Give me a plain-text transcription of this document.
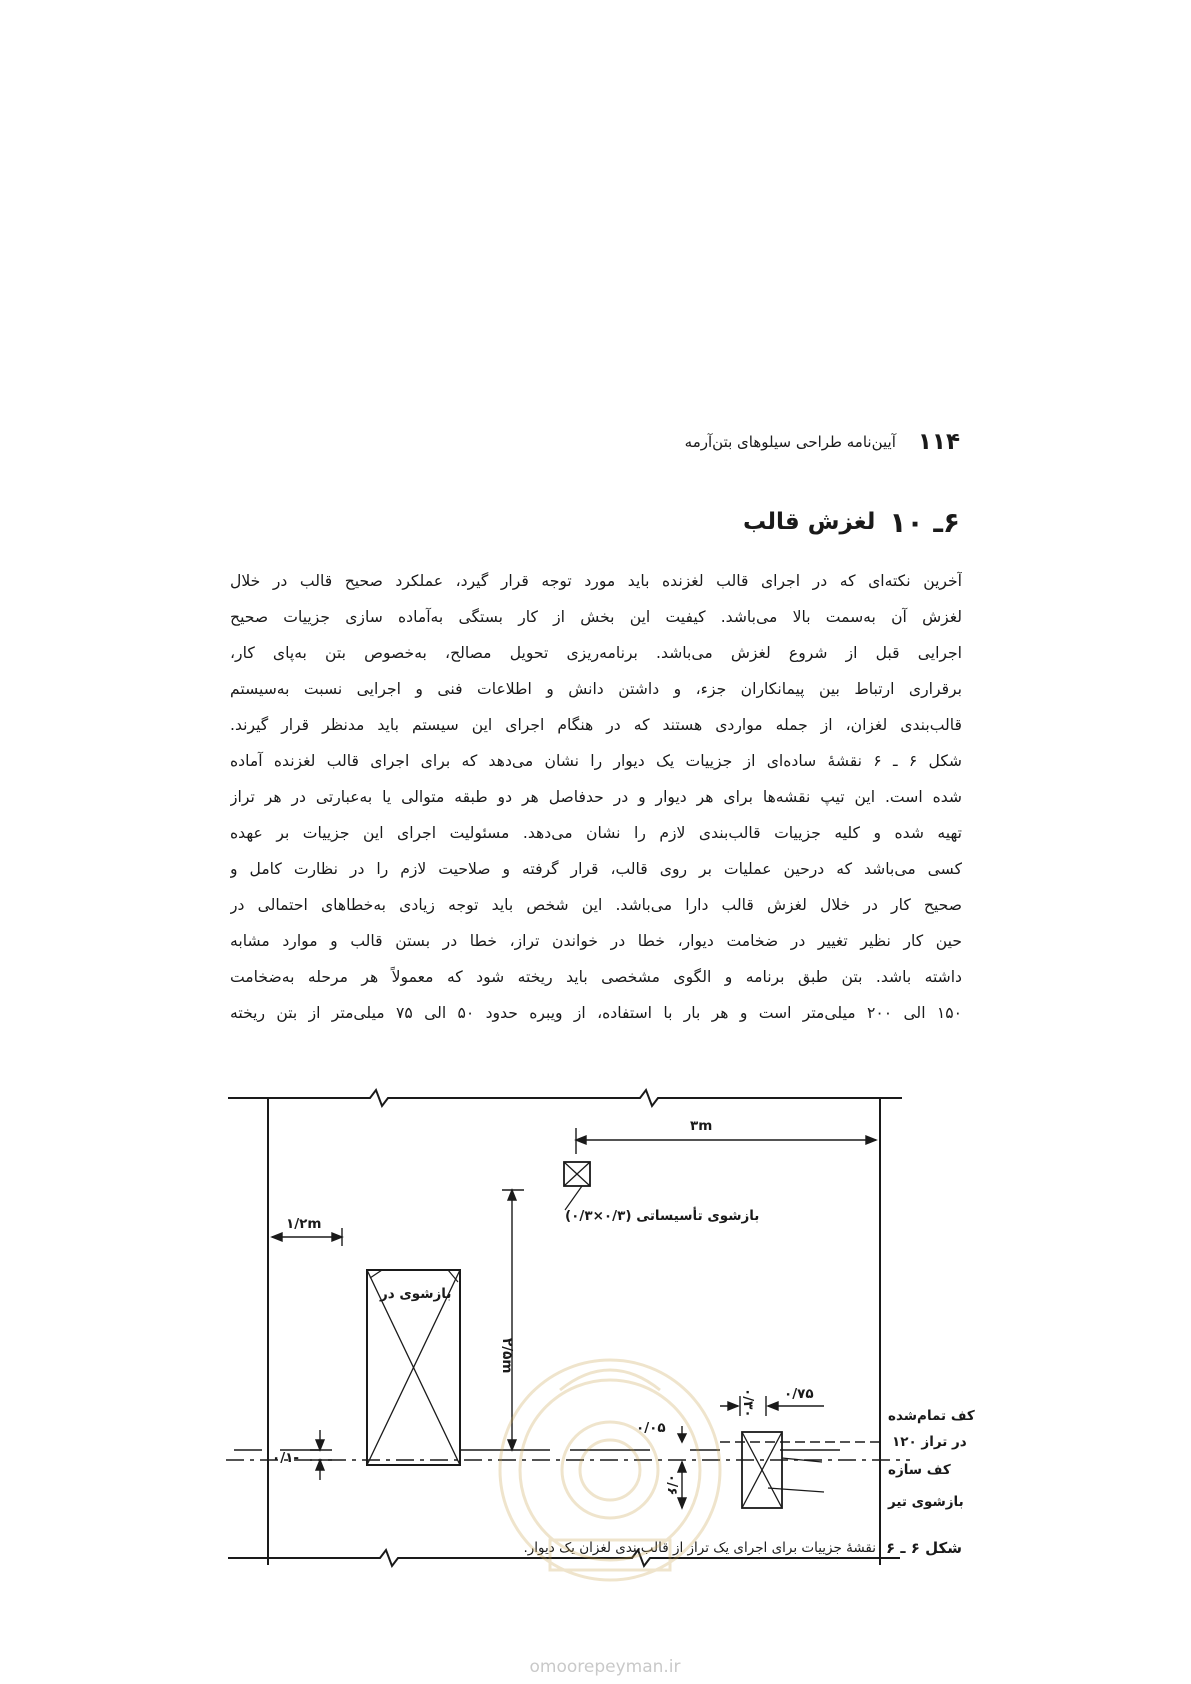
۱۱۴
آیین‌نامه طراحی سیلوهای بتن‌آرمه
۶ـ ۱۰
لغزش قالب
آخرین نکته‌ای که در اجرای قالب لغزنده باید مورد توجه قرار گیرد، عملکرد صحیح قالب در خلال
لغزش آن به‌سمت بالا می‌باشد. کیفیت این بخش از کار بستگی به‌آماده سازی جزییات صحیح
اجرایی قبل از شروع لغزش می‌باشد. برنامه‌ریزی تحویل مصالح، به‌خصوص بتن به‌پای کار،
برقراری ارتباط بین پیمانکاران جزء، و داشتن دانش و اطلاعات فنی و اجرایی نسبت به‌سیستم
قالب‌بندی لغزان، از جمله مواردی هستند که در هنگام اجرای این سیستم باید مدنظر قرار گیرند.
شکل ۶ ـ ۶ نقشهٔ ساده‌ای از جزییات یک دیوار را نشان می‌دهد که برای اجرای قالب لغزنده آماده
شده است. این تیپ نقشه‌ها برای هر دیوار و در حدفاصل هر دو طبقه متوالی یا به‌عبارتی در هر تراز
تهیه شده و کلیه جزییات قالب‌بندی لازم را نشان می‌دهد. مسئولیت اجرای این جزییات بر عهده
کسی می‌باشد که درحین عملیات بر روی قالب، قرار گرفته و صلاحیت لازم را در نظارت کامل و
صحیح کار در خلال لغزش قالب دارا می‌باشد. این شخص باید توجه زیادی به‌خطاهای احتمالی در
حین کار نظیر تغییر در ضخامت دیوار، خطا در خواندن تراز، خطا در بستن قالب و موارد مشابه
داشته باشد. بتن طبق برنامه و الگوی مشخصی باید ریخته شود که معمولاً هر مرحله به‌ضخامت
۱۵۰ الی ۲۰۰ میلی‌متر است و هر بار با استفاده، از ویبره حدود ۵۰ الی ۷۵ میلی‌متر از بتن ریخته
۳m
۱/۲m
۲/۵m
۰/۷۵
۰/۳۰
۰/۰۵
۰/۶
۰/۱-
بازشوی تأسیساتی (۰/۳×۰/۳)
بازشوی در
کف تمام‌شده
در تراز ۱۲۰
کف سازه
بازشوی تیر
شکل ۶ ـ ۶
نقشهٔ جزییات برای اجرای یک تراز از قالب‌بندی لغزان یک دیوار.
omoorepeyman.ir
